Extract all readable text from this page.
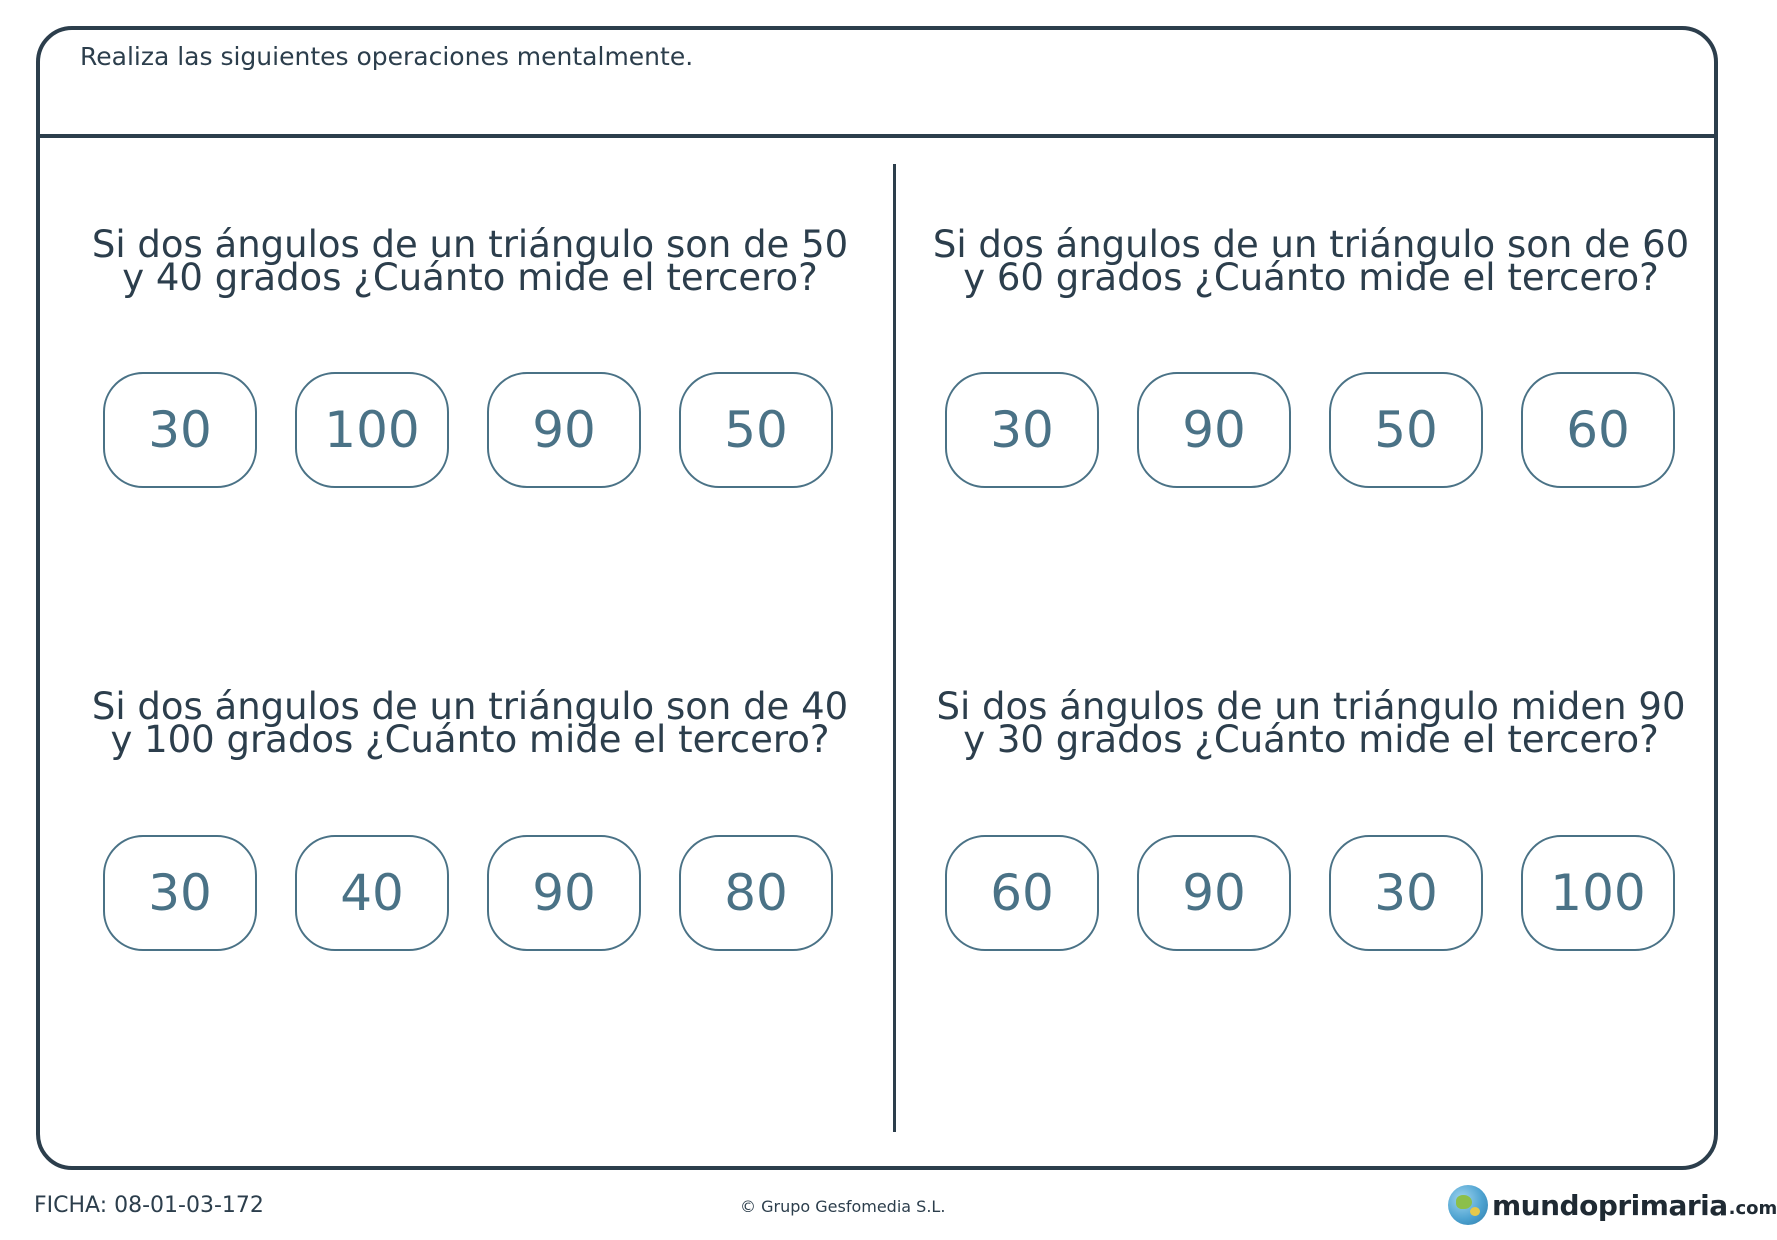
Realiza las siguientes operaciones mentalmente.
Si dos ángulos de un triángulo son de 50 y 40 grados ¿Cuánto mide el tercero?
30	100	90	50
Si dos ángulos de un triángulo son de 60 y 60 grados ¿Cuánto mide el tercero?
30	90	50	60
Si dos ángulos de un triángulo son de 40 y 100 grados ¿Cuánto mide el tercero?
30	40	90	80
Si dos ángulos de un triángulo miden 90 y 30 grados ¿Cuánto mide el tercero?
60	90	30	100
FICHA: 08-01-03-172	© Grupo Gesfomedia S.L.	mundoprimaria .com
